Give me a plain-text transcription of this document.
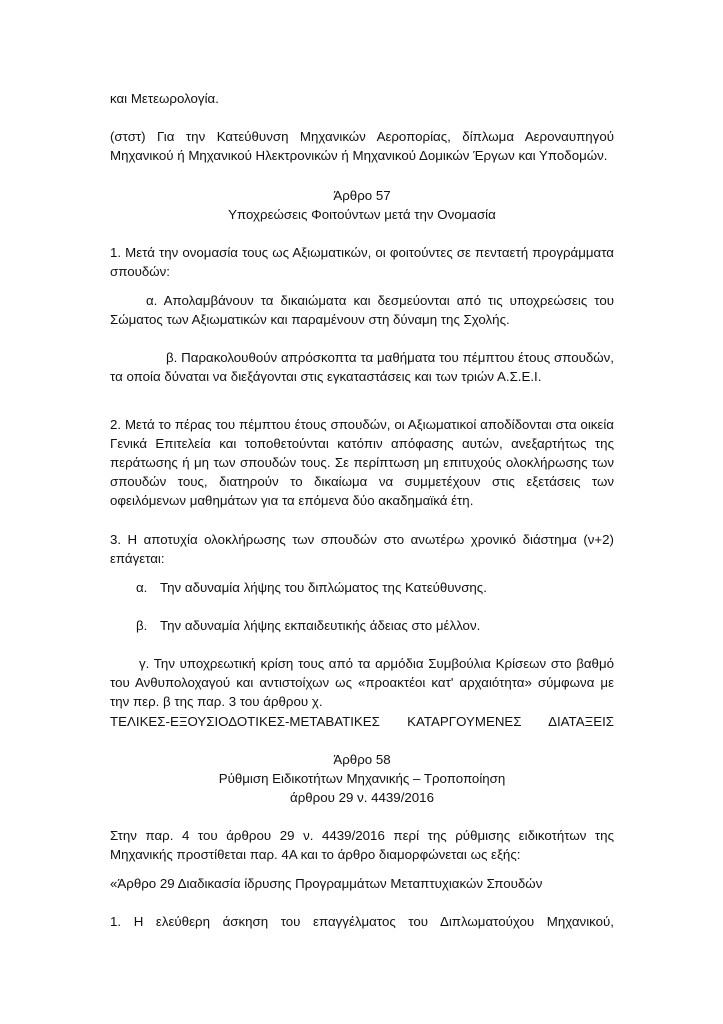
και Μετεωρολογία.

(στστ) Για την Κατεύθυνση Μηχανικών Αεροπορίας, δίπλωμα Αεροναυπηγού Μηχανικού ή Μηχανικού Ηλεκτρονικών ή Μηχανικού Δομικών Έργων και Υποδομών.

Άρθρο 57

Υποχρεώσεις Φοιτούντων μετά την Ονομασία

1. Μετά την ονομασία τους ως Αξιωματικών, οι φοιτούντες σε πενταετή προγράμματα σπουδών:

α. Απολαμβάνουν τα δικαιώματα και δεσμεύονται από τις υποχρεώσεις του Σώματος των Αξιωματικών και παραμένουν στη δύναμη της Σχολής.

β. Παρακολουθούν απρόσκοπτα τα μαθήματα του πέμπτου έτους σπουδών, τα οποία δύναται να διεξάγονται στις εγκαταστάσεις και των τριών Α.Σ.Ε.Ι.

2. Μετά το πέρας του πέμπτου έτους σπουδών, οι Αξιωματικοί αποδίδονται στα οικεία Γενικά Επιτελεία και τοποθετούνται κατόπιν απόφασης αυτών, ανεξαρτήτως της περάτωσης ή μη των σπουδών τους. Σε περίπτωση μη επιτυχούς ολοκλήρωσης των σπουδών τους, διατηρούν το δικαίωμα να συμμετέχουν στις εξετάσεις των οφειλόμενων μαθημάτων για τα επόμενα δύο ακαδημαϊκά έτη.

3. Η αποτυχία ολοκλήρωσης των σπουδών στο ανωτέρω χρονικό διάστημα (ν+2) επάγεται:

α. Την αδυναμία λήψης του διπλώματος της Κατεύθυνσης.

β. Την αδυναμία λήψης εκπαιδευτικής άδειας στο μέλλον.

γ. Την υποχρεωτική κρίση τους από τα αρμόδια Συμβούλια Κρίσεων στο βαθμό του Ανθυπολοχαγού και αντιστοίχων ως «προακτέοι κατ' αρχαιότητα» σύμφωνα με την περ. β της παρ. 3 του άρθρου χ.

ΤΕΛΙΚΕΣ-ΕΞΟΥΣΙΟΔΟΤΙΚΕΣ-ΜΕΤΑΒΑΤΙΚΕΣ ΚΑΤΑΡΓΟΥΜΕΝΕΣ ΔΙΑΤΑΞΕΙΣ

Άρθρο 58

Ρύθμιση Ειδικοτήτων Μηχανικής – Τροποποίηση

άρθρου 29 ν. 4439/2016

Στην παρ. 4 του άρθρου 29 ν. 4439/2016 περί της ρύθμισης ειδικοτήτων της Μηχανικής προστίθεται παρ. 4Α και το άρθρο διαμορφώνεται ως εξής:

«Άρθρο 29 Διαδικασία ίδρυσης Προγραμμάτων Μεταπτυχιακών Σπουδών

1. Η ελεύθερη άσκηση του επαγγέλματος του Διπλωματούχου Μηχανικού,
